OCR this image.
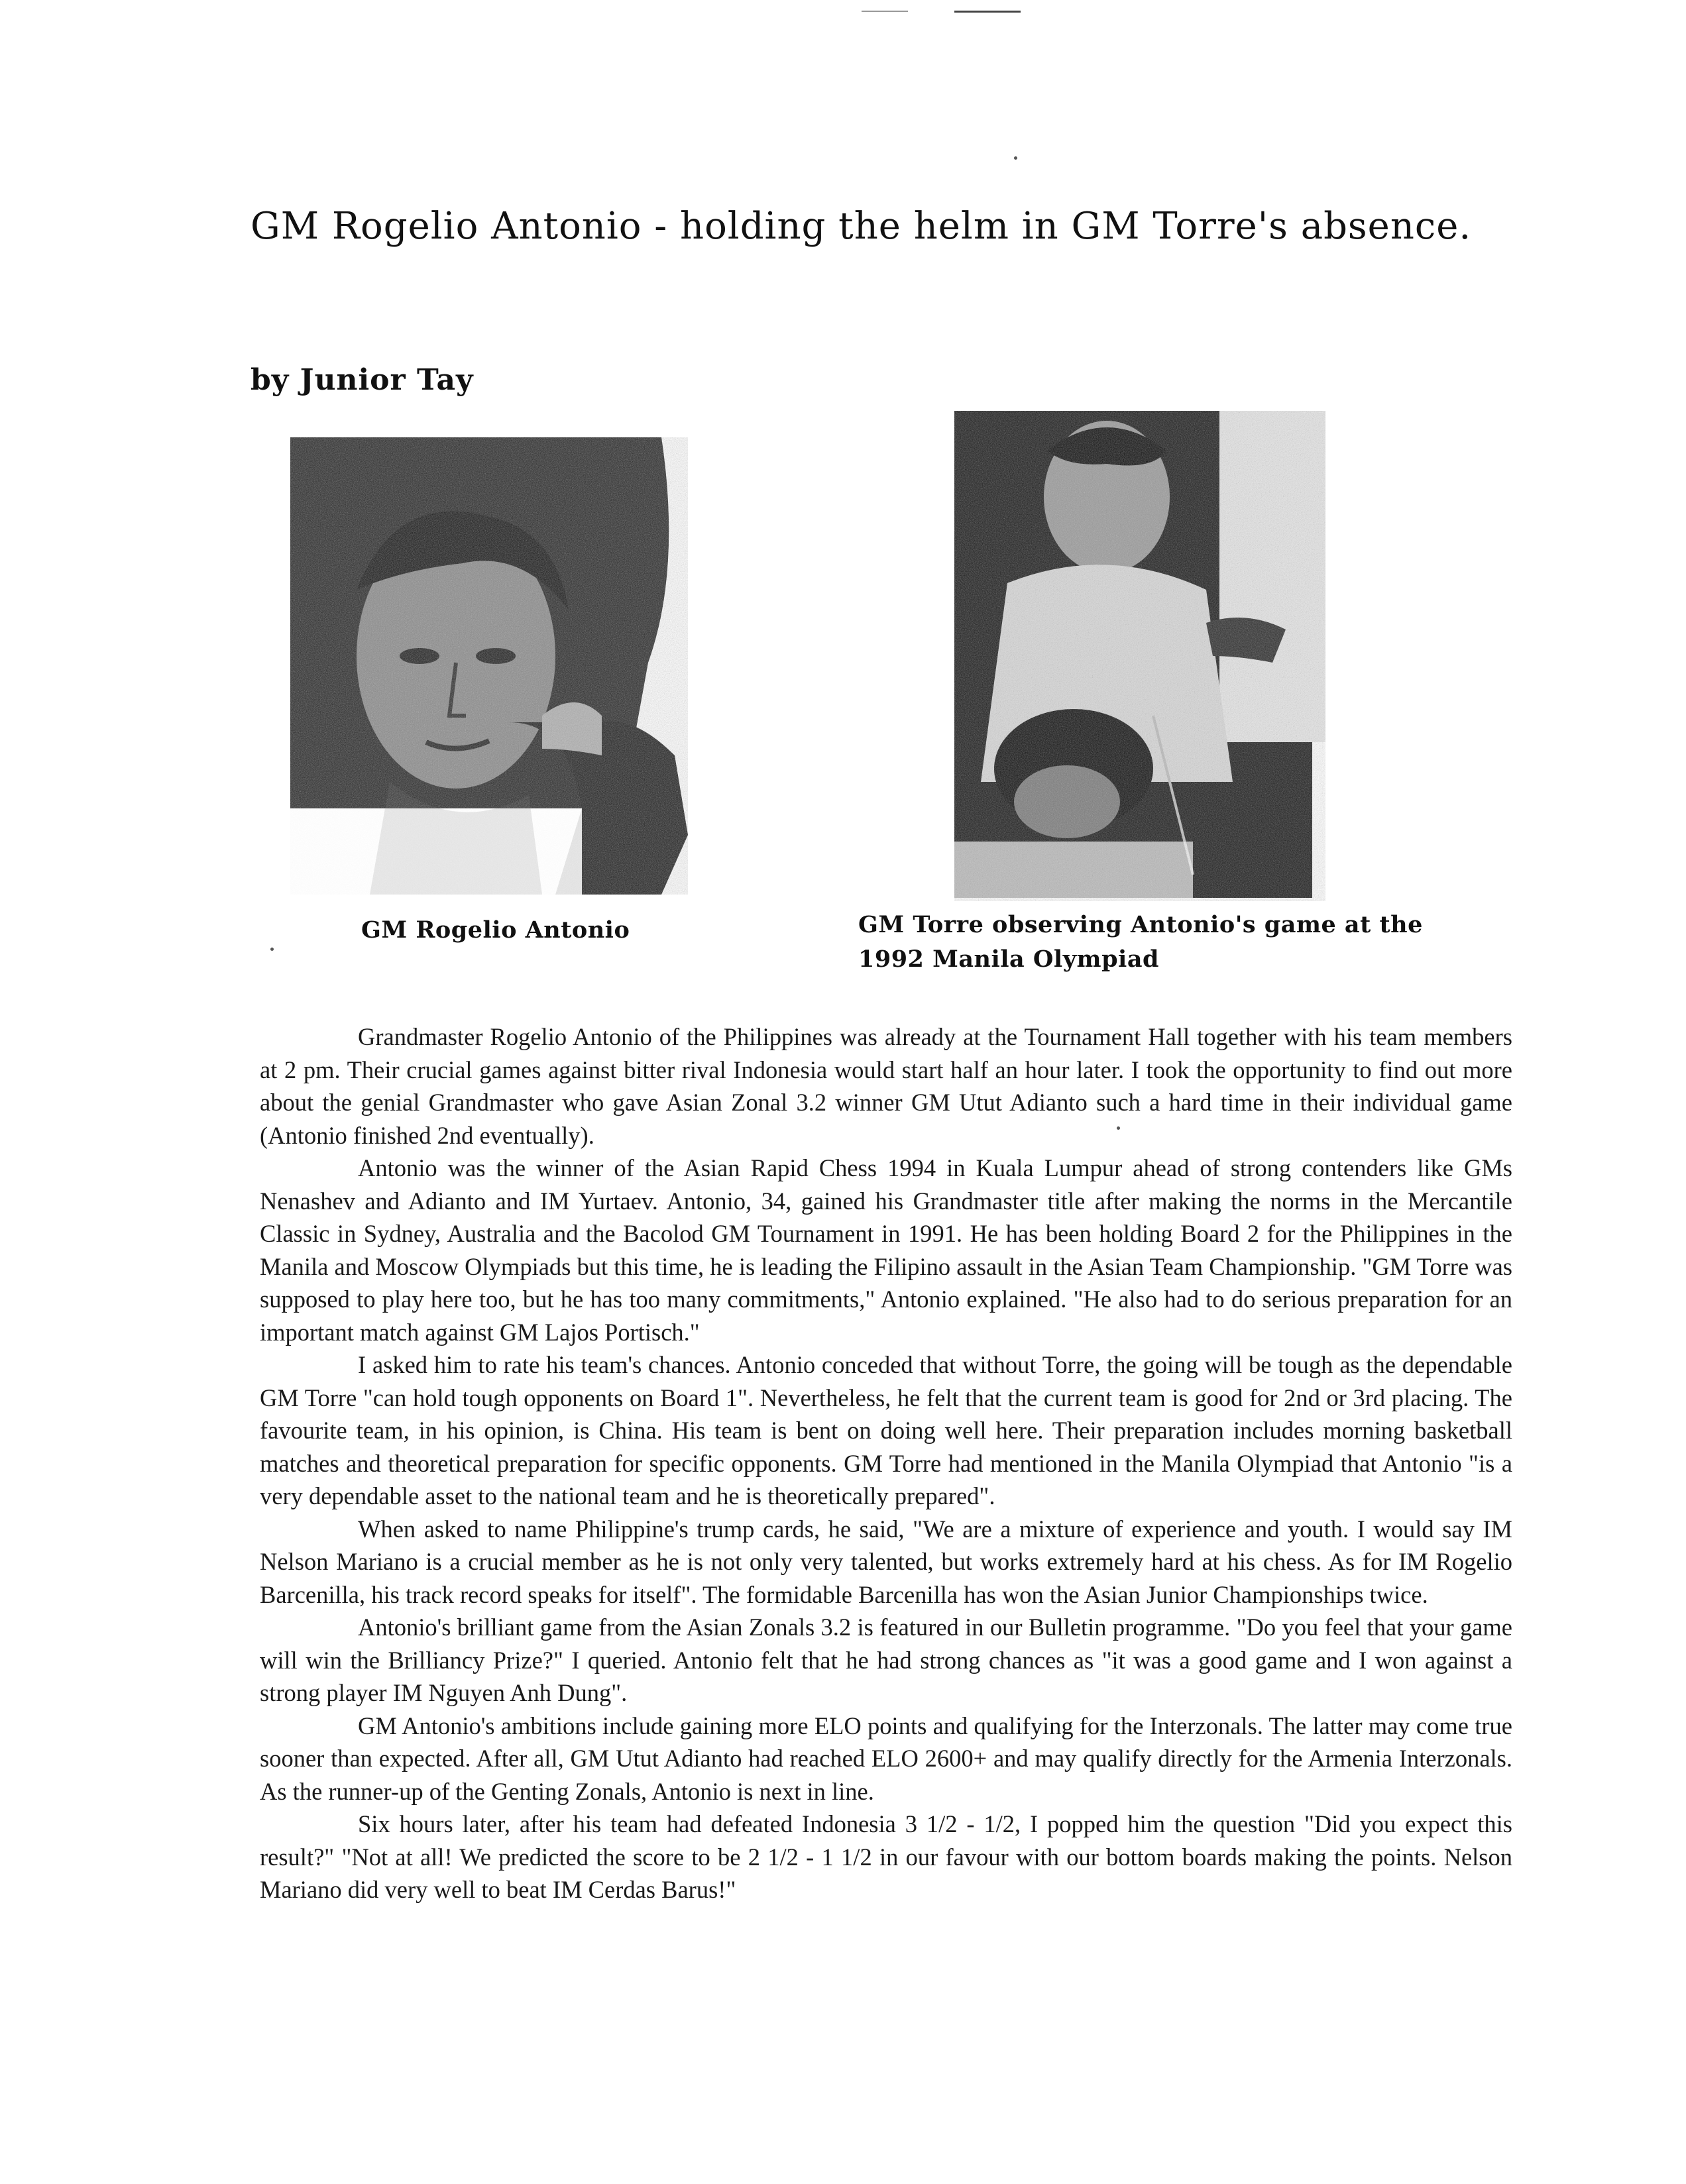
GM Rogelio Antonio - holding the helm in GM Torre's absence.

by Junior Tay

GM Rogelio Antonio	GM Torre observing Antonio's game at the 1992 Manila Olympiad

Grandmaster Rogelio Antonio of the Philippines was already at the Tournament Hall together with his team members at 2 pm. Their crucial games against bitter rival Indonesia would start half an hour later. I took the opportunity to find out more about the genial Grandmaster who gave Asian Zonal 3.2 winner GM Utut Adianto such a hard time in their individual game (Antonio finished 2nd eventually).

Antonio was the winner of the Asian Rapid Chess 1994 in Kuala Lumpur ahead of strong contenders like GMs Nenashev and Adianto and IM Yurtaev. Antonio, 34, gained his Grandmaster title after making the norms in the Mercantile Classic in Sydney, Australia and the Bacolod GM Tournament in 1991. He has been holding Board 2 for the Philippines in the Manila and Moscow Olympiads but this time, he is leading the Filipino assault in the Asian Team Championship. "GM Torre was supposed to play here too, but he has too many commitments," Antonio explained. "He also had to do serious preparation for an important match against GM Lajos Portisch."

I asked him to rate his team's chances. Antonio conceded that without Torre, the going will be tough as the dependable GM Torre "can hold tough opponents on Board 1". Nevertheless, he felt that the current team is good for 2nd or 3rd placing. The favourite team, in his opinion, is China. His team is bent on doing well here. Their preparation includes morning basketball matches and theoretical preparation for specific opponents. GM Torre had mentioned in the Manila Olympiad that Antonio "is a very dependable asset to the national team and he is theoretically prepared".

When asked to name Philippine's trump cards, he said, "We are a mixture of experience and youth. I would say IM Nelson Mariano is a crucial member as he is not only very talented, but works extremely hard at his chess. As for IM Rogelio Barcenilla, his track record speaks for itself". The formidable Barcenilla has won the Asian Junior Championships twice.

Antonio's brilliant game from the Asian Zonals 3.2 is featured in our Bulletin programme. "Do you feel that your game will win the Brilliancy Prize?" I queried. Antonio felt that he had strong chances as "it was a good game and I won against a strong player IM Nguyen Anh Dung".

GM Antonio's ambitions include gaining more ELO points and qualifying for the Interzonals. The latter may come true sooner than expected. After all, GM Utut Adianto had reached ELO 2600+ and may qualify directly for the Armenia Interzonals. As the runner-up of the Genting Zonals, Antonio is next in line.

Six hours later, after his team had defeated Indonesia 3 1/2 - 1/2, I popped him the question "Did you expect this result?" "Not at all! We predicted the score to be 2 1/2 - 1 1/2 in our favour with our bottom boards making the points. Nelson Mariano did very well to beat IM Cerdas Barus!"
